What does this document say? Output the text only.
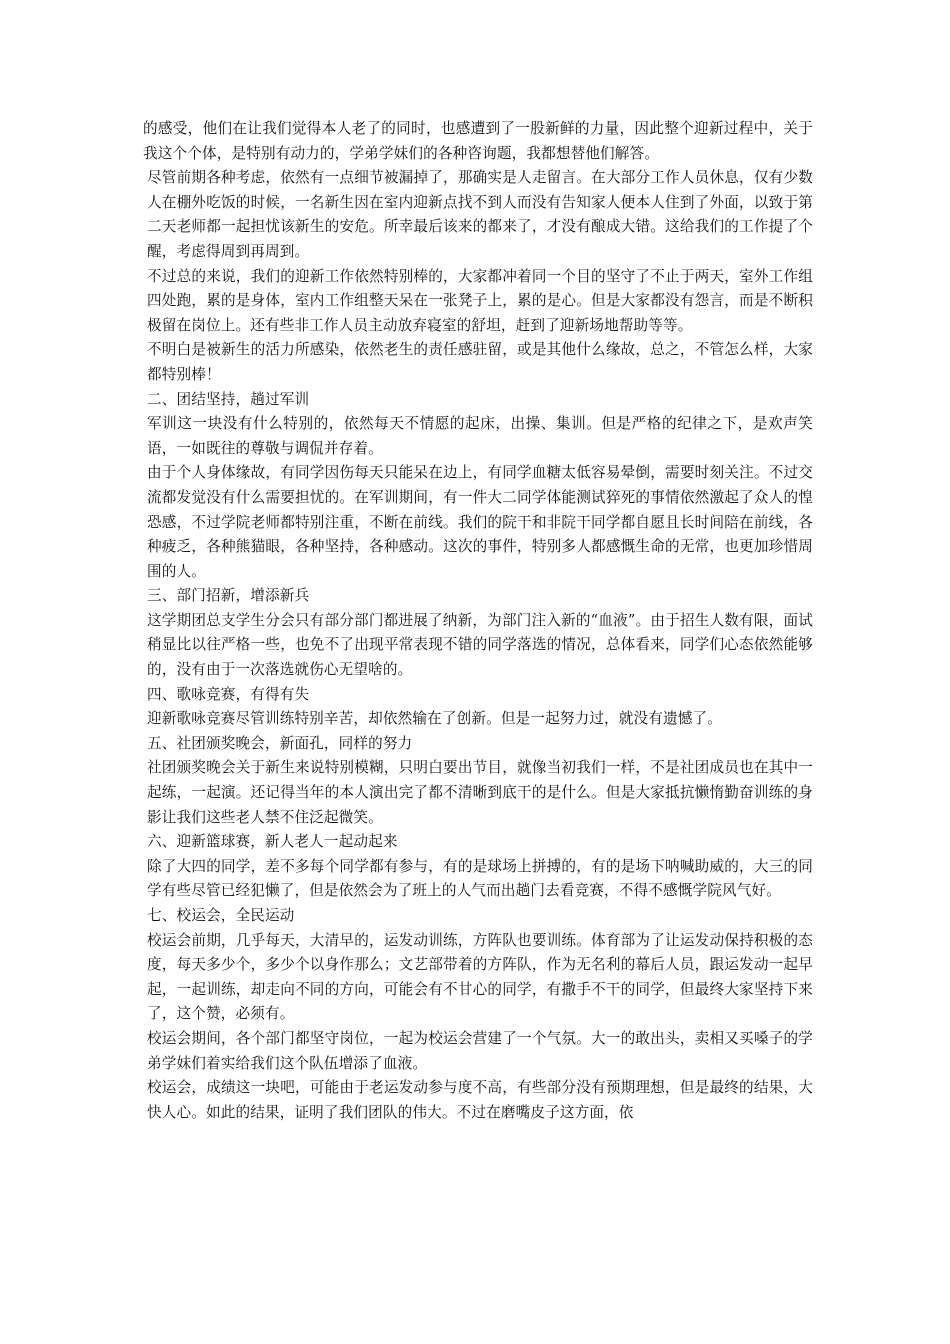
的感受，他们在让我们觉得本人老了的同时，也感遭到了一股新鲜的力量，因此整个迎新过程中，关于我这个个体，是特别有动力的，学弟学妹们的各种咨询题，我都想替他们解答。

尽管前期各种考虑，依然有一点细节被漏掉了，那确实是人走留言。在大部分工作人员休息，仅有少数人在棚外吃饭的时候，一名新生因在室内迎新点找不到人而没有告知家人便本人住到了外面，以致于第二天老师都一起担忧该新生的安危。所幸最后该来的都来了，才没有酿成大错。这给我们的工作提了个醒，考虑得周到再周到。

不过总的来说，我们的迎新工作依然特别棒的，大家都冲着同一个目的坚守了不止于两天，室外工作组四处跑，累的是身体，室内工作组整天呆在一张凳子上，累的是心。但是大家都没有怨言，而是不断积极留在岗位上。还有些非工作人员主动放弃寝室的舒坦，赶到了迎新场地帮助等等。

不明白是被新生的活力所感染，依然老生的责任感驻留，或是其他什么缘故，总之，不管怎么样，大家都特别棒！

二、团结坚持，趟过军训

军训这一块没有什么特别的，依然每天不情愿的起床，出操、集训。但是严格的纪律之下，是欢声笑语，一如既往的尊敬与调侃并存着。

由于个人身体缘故，有同学因伤每天只能呆在边上，有同学血糖太低容易晕倒，需要时刻关注。不过交流都发觉没有什么需要担忧的。在军训期间，有一件大二同学体能测试猝死的事情依然激起了众人的惶恐感，不过学院老师都特别注重，不断在前线。我们的院干和非院干同学都自愿且长时间陪在前线，各种疲乏，各种熊猫眼，各种坚持，各种感动。这次的事件，特别多人都感慨生命的无常，也更加珍惜周围的人。

三、部门招新，增添新兵

这学期团总支学生分会只有部分部门都进展了纳新，为部门注入新的“血液”。由于招生人数有限，面试稍显比以往严格一些，也免不了出现平常表现不错的同学落选的情况，总体看来，同学们心态依然能够的，没有由于一次落选就伤心无望啥的。

四、歌咏竞赛，有得有失

迎新歌咏竞赛尽管训练特别辛苦，却依然输在了创新。但是一起努力过，就没有遗憾了。

五、社团颁奖晚会，新面孔，同样的努力

社团颁奖晚会关于新生来说特别模糊，只明白要出节目，就像当初我们一样，不是社团成员也在其中一起练，一起演。还记得当年的本人演出完了都不清晰到底干的是什么。但是大家抵抗懒惰勤奋训练的身影让我们这些老人禁不住泛起微笑。

六、迎新篮球赛，新人老人一起动起来

除了大四的同学，差不多每个同学都有参与，有的是球场上拼搏的，有的是场下呐喊助威的，大三的同学有些尽管已经犯懒了，但是依然会为了班上的人气而出趟门去看竞赛，不得不感慨学院风气好。

七、校运会，全民运动

校运会前期，几乎每天，大清早的，运发动训练，方阵队也要训练。体育部为了让运发动保持积极的态度，每天多少个，多少个以身作那么；文艺部带着的方阵队，作为无名利的幕后人员，跟运发动一起早起，一起训练，却走向不同的方向，可能会有不甘心的同学，有撒手不干的同学，但最终大家坚持下来了，这个赞，必须有。

校运会期间，各个部门都坚守岗位，一起为校运会营建了一个气氛。大一的敢出头，卖相又买嗓子的学弟学妹们着实给我们这个队伍增添了血液。

校运会，成绩这一块吧，可能由于老运发动参与度不高，有些部分没有预期理想，但是最终的结果，大快人心。如此的结果，证明了我们团队的伟大。不过在磨嘴皮子这方面，依
